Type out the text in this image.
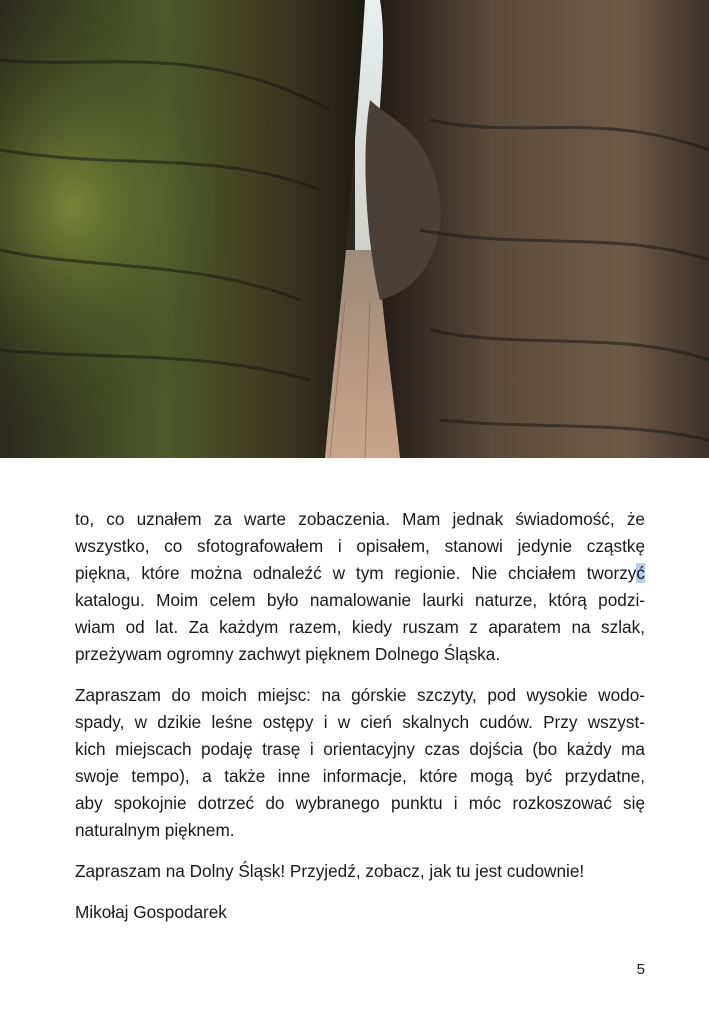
to, co uznałem za warte zobaczenia. Mam jednak świadomość, że
wszystko, co sfotografowałem i opisałem, stanowi jedynie cząstkę
piękna, które można odnaleźć w tym regionie. Nie chciałem tworzyć
katalogu. Moim celem było namalowanie laurki naturze, którą podzi-
wiam od lat. Za każdym razem, kiedy ruszam z aparatem na szlak,
przeżywam ogromny zachwyt pięknem Dolnego Śląska.

Zapraszam do moich miejsc: na górskie szczyty, pod wysokie wodo-
spady, w dzikie leśne ostępy i w cień skalnych cudów. Przy wszyst-
kich miejscach podaję trasę i orientacyjny czas dojścia (bo każdy ma
swoje tempo), a także inne informacje, które mogą być przydatne,
aby spokojnie dotrzeć do wybranego punktu i móc rozkoszować się
naturalnym pięknem.

Zapraszam na Dolny Śląsk! Przyjedź, zobacz, jak tu jest cudownie!

Mikołaj Gospodarek

5
